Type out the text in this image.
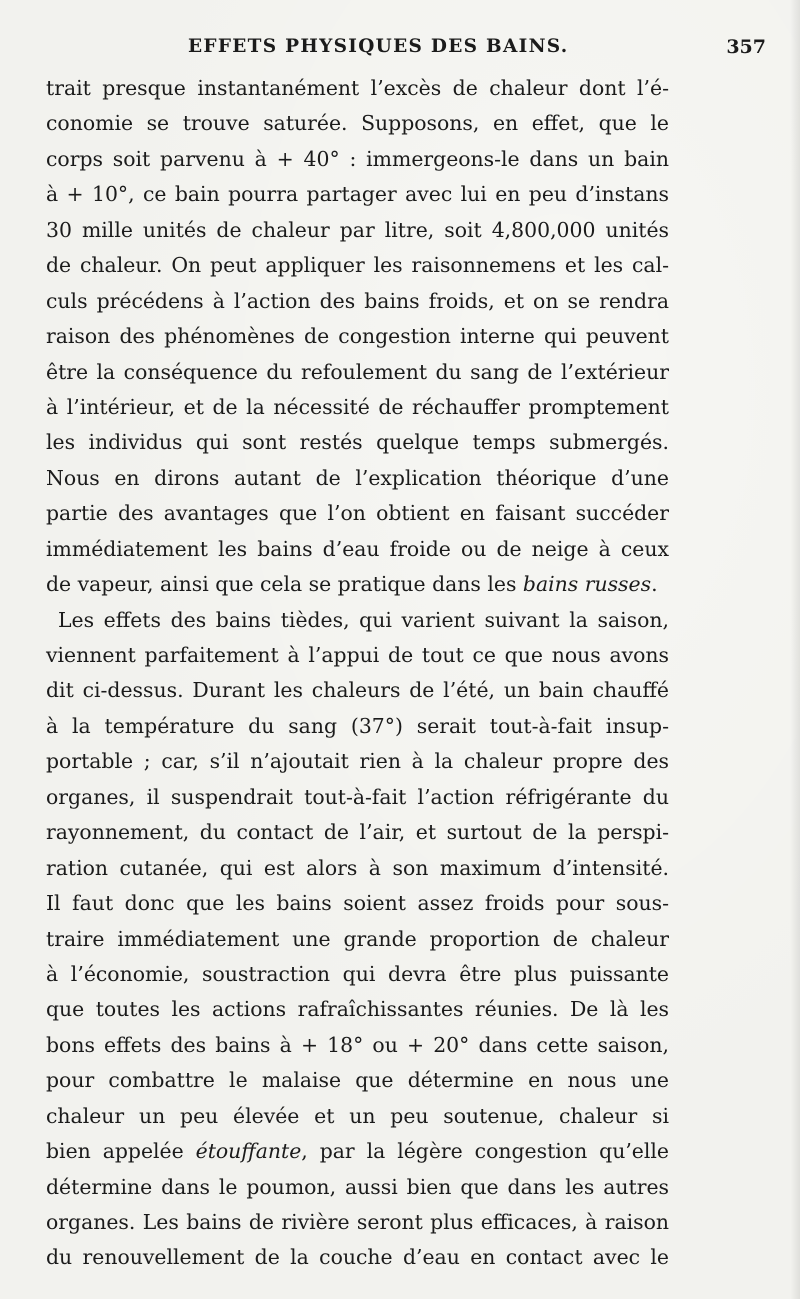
EFFETS PHYSIQUES DES BAINS.	357
trait presque instantanément l’excès de chaleur dont l’é-
conomie se trouve saturée. Supposons, en effet, que le
corps soit parvenu à + 40° : immergeons-le dans un bain
à + 10°, ce bain pourra partager avec lui en peu d’instans
30 mille unités de chaleur par litre, soit 4,800,000 unités
de chaleur. On peut appliquer les raisonnemens et les cal-
culs précédens à l’action des bains froids, et on se rendra
raison des phénomènes de congestion interne qui peuvent
être la conséquence du refoulement du sang de l’extérieur
à l’intérieur, et de la nécessité de réchauffer promptement
les individus qui sont restés quelque temps submergés.
Nous en dirons autant de l’explication théorique d’une
partie des avantages que l’on obtient en faisant succéder
immédiatement les bains d’eau froide ou de neige à ceux
de vapeur, ainsi que cela se pratique dans les bains russes.
Les effets des bains tièdes, qui varient suivant la saison,
viennent parfaitement à l’appui de tout ce que nous avons
dit ci-dessus. Durant les chaleurs de l’été, un bain chauffé
à la température du sang (37°) serait tout-à-fait insup-
portable ; car, s’il n’ajoutait rien à la chaleur propre des
organes, il suspendrait tout-à-fait l’action réfrigérante du
rayonnement, du contact de l’air, et surtout de la perspi-
ration cutanée, qui est alors à son maximum d’intensité.
Il faut donc que les bains soient assez froids pour sous-
traire immédiatement une grande proportion de chaleur
à l’économie, soustraction qui devra être plus puissante
que toutes les actions rafraîchissantes réunies. De là les
bons effets des bains à + 18° ou + 20° dans cette saison,
pour combattre le malaise que détermine en nous une
chaleur un peu élevée et un peu soutenue, chaleur si
bien appelée étouffante, par la légère congestion qu’elle
détermine dans le poumon, aussi bien que dans les autres
organes. Les bains de rivière seront plus efficaces, à raison
du renouvellement de la couche d’eau en contact avec le
